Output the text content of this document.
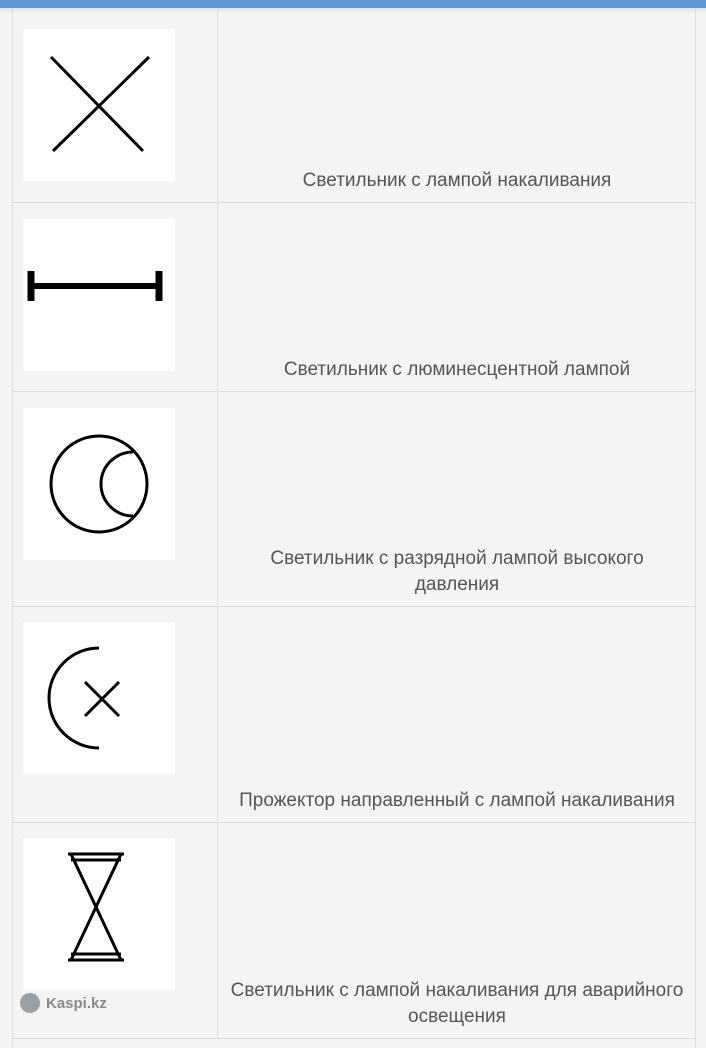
Светильник с лампой накаливания
Светильник с люминесцентной лампой
Светильник с разрядной лампой высокого давления
Прожектор направленный с лампой накаливания
Светильник с лампой накаливания для аварийного освещения
Kaspi.kz
